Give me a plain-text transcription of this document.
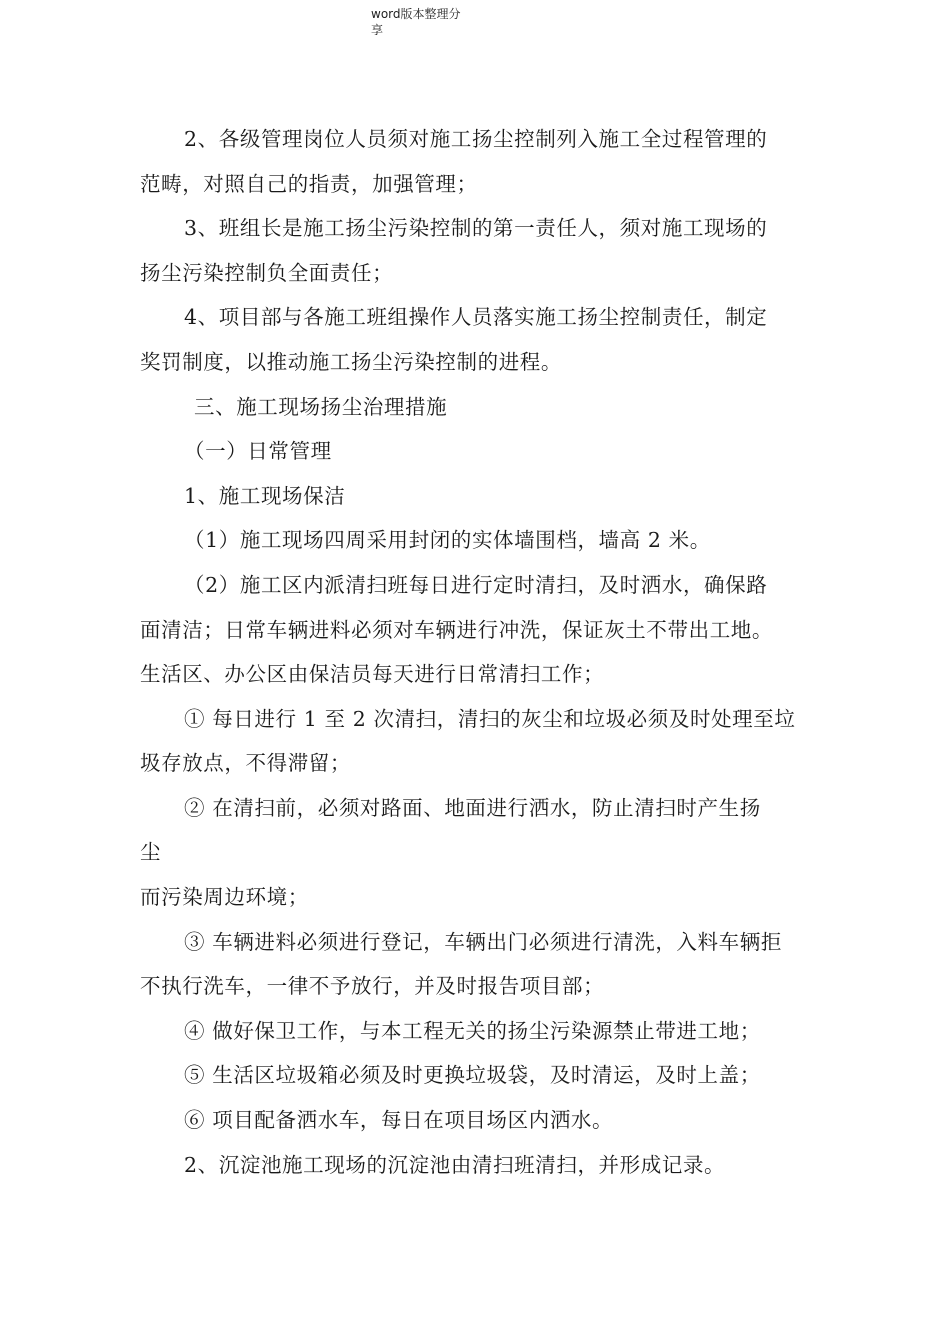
word版本整理分
享
2、各级管理岗位人员须对施工扬尘控制列入施工全过程管理的
范畴，对照自己的指责，加强管理；
3、班组长是施工扬尘污染控制的第一责任人，须对施工现场的
扬尘污染控制负全面责任；
4、项目部与各施工班组操作人员落实施工扬尘控制责任，制定
奖罚制度，以推动施工扬尘污染控制的进程。
三、施工现场扬尘治理措施
（一）日常管理
1、施工现场保洁
（1）施工现场四周采用封闭的实体墙围档，墙高 2 米。
（2）施工区内派清扫班每日进行定时清扫，及时洒水，确保路
面清洁；日常车辆进料必须对车辆进行冲洗，保证灰土不带出工地。
生活区、办公区由保洁员每天进行日常清扫工作；
① 每日进行 1 至 2 次清扫，清扫的灰尘和垃圾必须及时处理至垃
圾存放点，不得滞留；
② 在清扫前，必须对路面、地面进行洒水，防止清扫时产生扬
尘
而污染周边环境；
③ 车辆进料必须进行登记，车辆出门必须进行清洗，入料车辆拒
不执行洗车，一律不予放行，并及时报告项目部；
④ 做好保卫工作，与本工程无关的扬尘污染源禁止带进工地；
⑤ 生活区垃圾箱必须及时更换垃圾袋，及时清运，及时上盖；
⑥ 项目配备洒水车，每日在项目场区内洒水。
2、沉淀池施工现场的沉淀池由清扫班清扫，并形成记录。
